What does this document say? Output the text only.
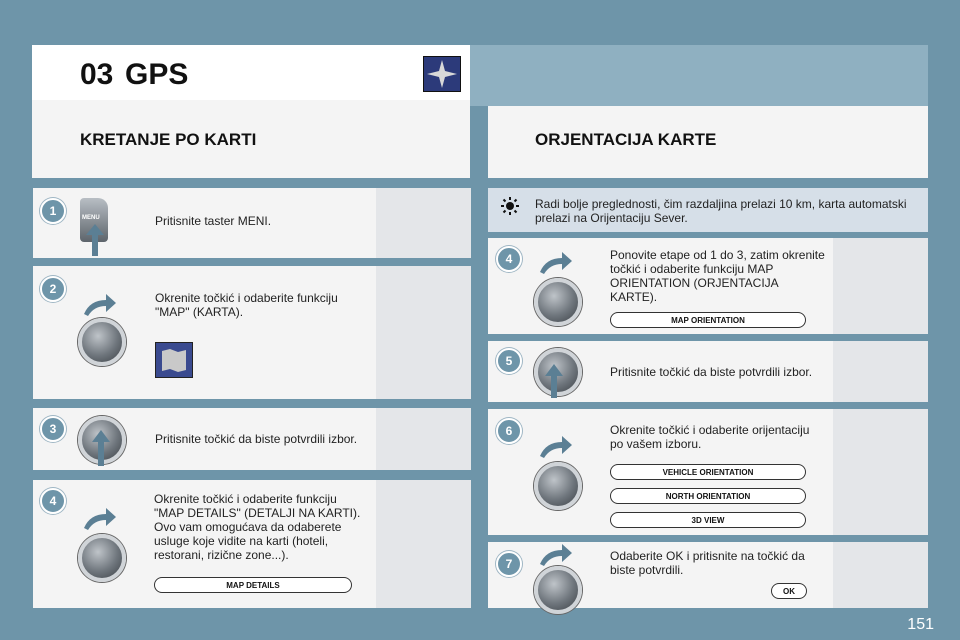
03 GPS
KRETANJE PO KARTI	ORJENTACIJA KARTE
1
2
3
4
MENU	Pritisnite taster MENI.
Okrenite točkić i odaberite funkciju "MAP" (KARTA).
Pritisnite točkić da biste potvrdili izbor.
Okrenite točkić i odaberite funkciju "MAP DETAILS" (DETALJI NA KARTI). Ovo vam omogućava da odaberete usluge koje vidite na karti (hoteli, restorani, rizične zone...).
MAP DETAILS
Radi bolje preglednosti, čim razdaljina prelazi 10 km, karta automatski prelazi na Orijentaciju Sever.
4
5
6
7
Ponovite etape od 1 do 3, zatim okrenite točkić i odaberite funkciju MAP ORIENTATION (ORJENTACIJA KARTE).
MAP ORIENTATION
Pritisnite točkić da biste potvrdili izbor.
Okrenite točkić i odaberite orijentaciju po vašem izboru.
VEHICLE ORIENTATION
NORTH ORIENTATION
3D VIEW
Odaberite OK i pritisnite na točkić da biste potvrdili.
OK
151
